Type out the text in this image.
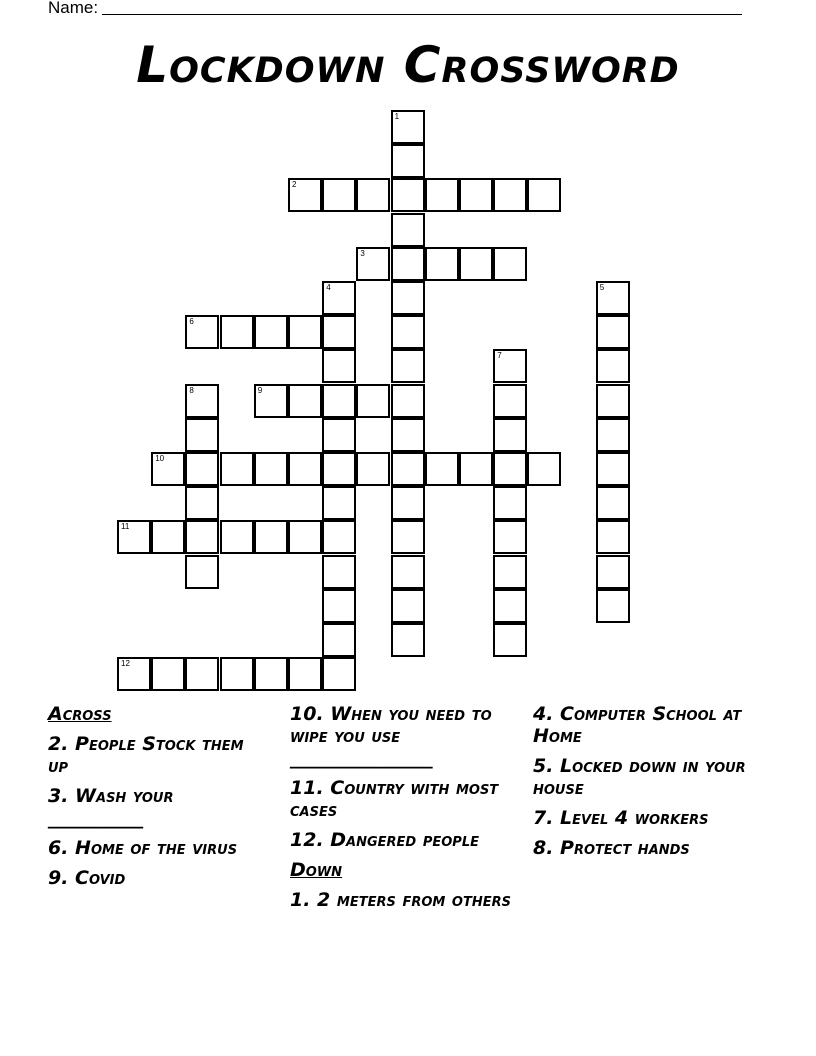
Name:
Lockdown Crossword
1
2
3
4	5
6
7
8	9
10
11
12
Across
2. People Stock them up
3. Wash your __________
6. Home of the virus
9. Covid
10. When you need to wipe you use _______________
11. Country with most cases
12. Dangered people
Down
1. 2 meters from others
4. Computer School at Home
5. Locked down in your house
7. Level 4 workers
8. Protect hands
